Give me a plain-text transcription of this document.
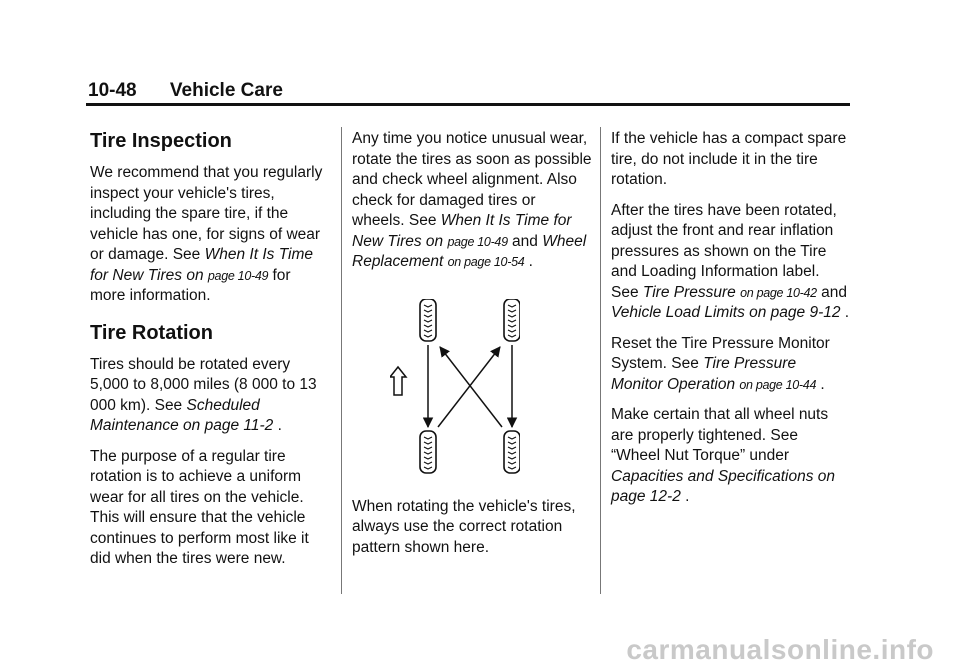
10-48 Vehicle Care
Tire Inspection

We recommend that you regularly inspect your vehicle's tires, including the spare tire, if the vehicle has one, for signs of wear or damage. See When It Is Time for New Tires on page 10-49 for more information.

Tire Rotation

Tires should be rotated every 5,000 to 8,000 miles (8 000 to 13 000 km). See Scheduled Maintenance on page 11-2 .

The purpose of a regular tire rotation is to achieve a uniform wear for all tires on the vehicle. This will ensure that the vehicle continues to perform most like it did when the tires were new.

Any time you notice unusual wear, rotate the tires as soon as possible and check wheel alignment. Also check for damaged tires or wheels. See When It Is Time for New Tires on page 10-49 and Wheel Replacement on page 10-54 .

When rotating the vehicle's tires, always use the correct rotation pattern shown here.

If the vehicle has a compact spare tire, do not include it in the tire rotation.

After the tires have been rotated, adjust the front and rear inflation pressures as shown on the Tire and Loading Information label. See Tire Pressure on page 10-42 and Vehicle Load Limits on page 9-12 .

Reset the Tire Pressure Monitor System. See Tire Pressure Monitor Operation on page 10-44 .

Make certain that all wheel nuts are properly tightened. See “Wheel Nut Torque” under Capacities and Specifications on page 12-2 .

carmanualsonline.info
